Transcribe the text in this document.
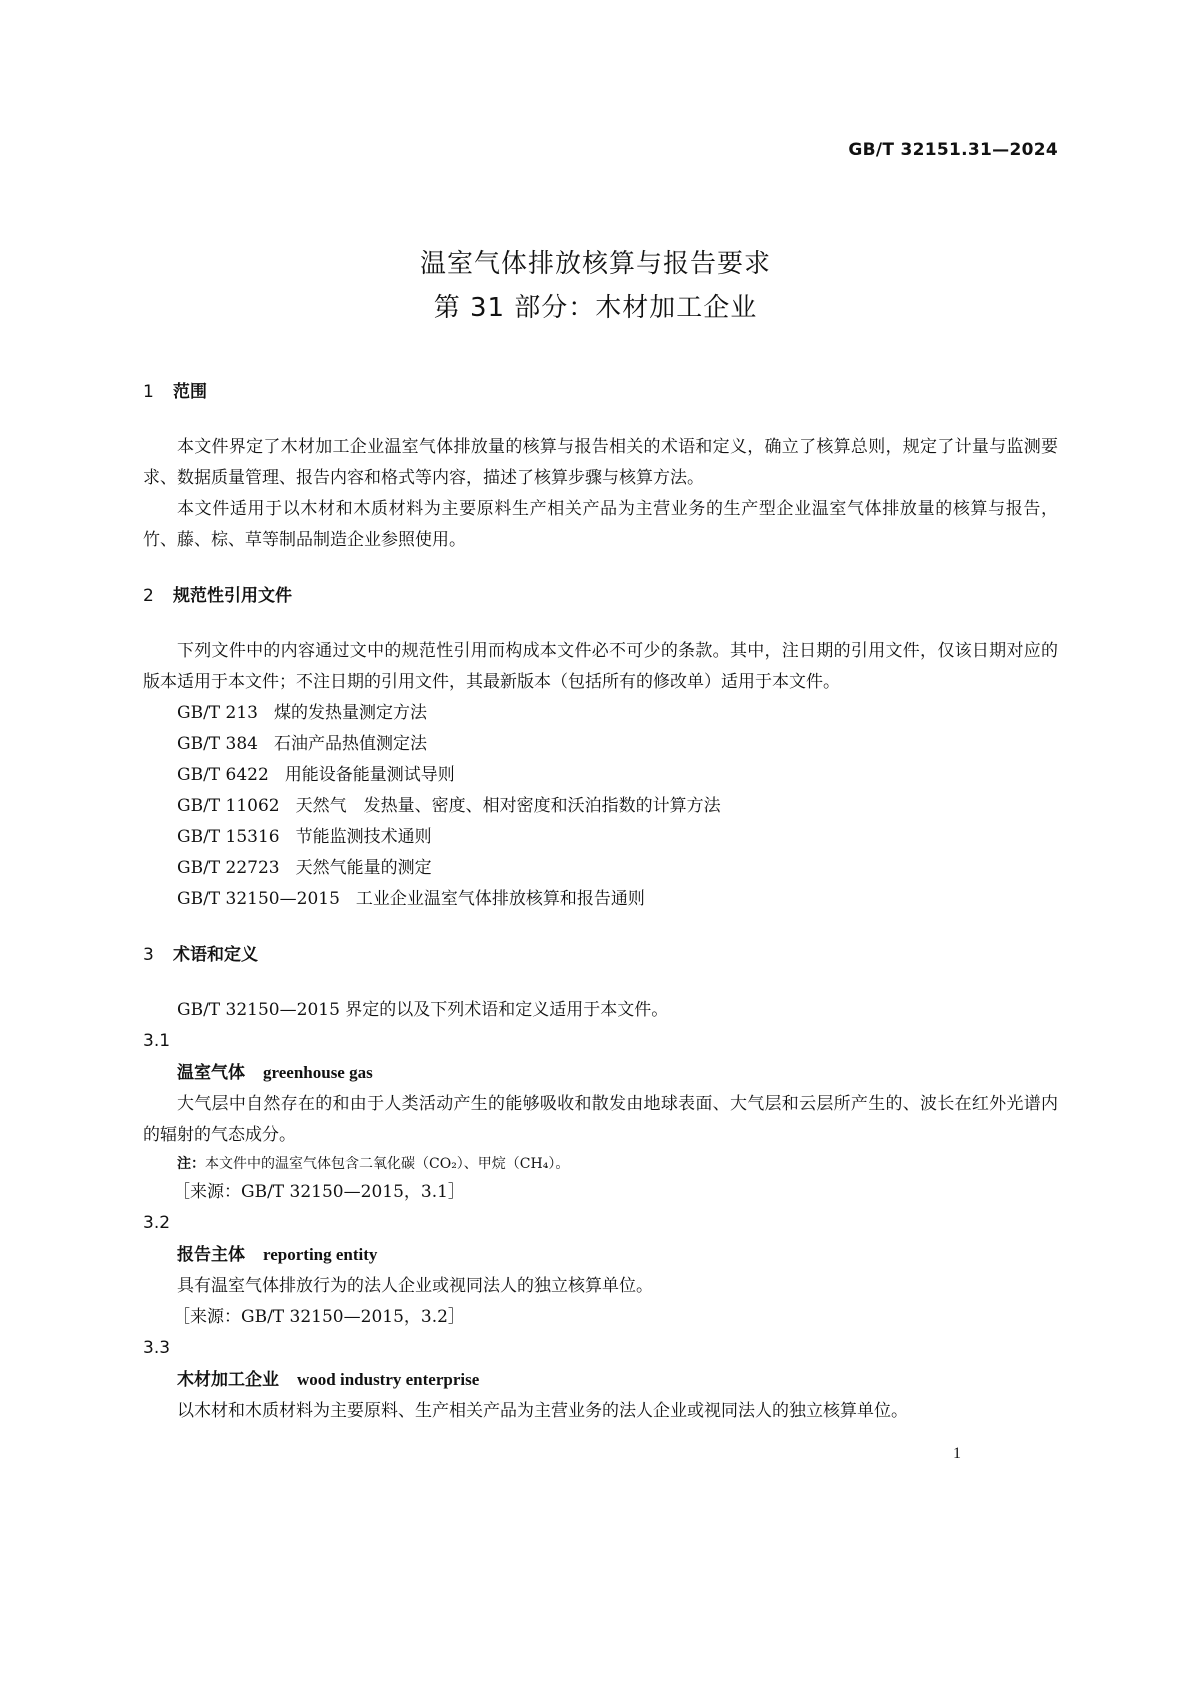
GB/T 32151.31—2024
温室气体排放核算与报告要求
第 31 部分：木材加工企业
1 范围

本文件界定了木材加工企业温室气体排放量的核算与报告相关的术语和定义，确立了核算总则，规定了计量与监测要求、数据质量管理、报告内容和格式等内容，描述了核算步骤与核算方法。

本文件适用于以木材和木质材料为主要原料生产相关产品为主营业务的生产型企业温室气体排放量的核算与报告，竹、藤、棕、草等制品制造企业参照使用。

2 规范性引用文件

下列文件中的内容通过文中的规范性引用而构成本文件必不可少的条款。其中，注日期的引用文件，仅该日期对应的版本适用于本文件；不注日期的引用文件，其最新版本（包括所有的修改单）适用于本文件。

GB/T 213 煤的发热量测定方法
GB/T 384 石油产品热值测定法
GB/T 6422 用能设备能量测试导则
GB/T 11062 天然气　发热量、密度、相对密度和沃泊指数的计算方法
GB/T 15316 节能监测技术通则
GB/T 22723 天然气能量的测定
GB/T 32150—2015 工业企业温室气体排放核算和报告通则
3 术语和定义

GB/T 32150—2015 界定的以及下列术语和定义适用于本文件。

3.1

温室气体 greenhouse gas

大气层中自然存在的和由于人类活动产生的能够吸收和散发由地球表面、大气层和云层所产生的、波长在红外光谱内的辐射的气态成分。

注：本文件中的温室气体包含二氧化碳（CO₂）、甲烷（CH₄）。

［来源：GB/T 32150—2015，3.1］

3.2

报告主体 reporting entity

具有温室气体排放行为的法人企业或视同法人的独立核算单位。

［来源：GB/T 32150—2015，3.2］

3.3

木材加工企业 wood industry enterprise

以木材和木质材料为主要原料、生产相关产品为主营业务的法人企业或视同法人的独立核算单位。

1
